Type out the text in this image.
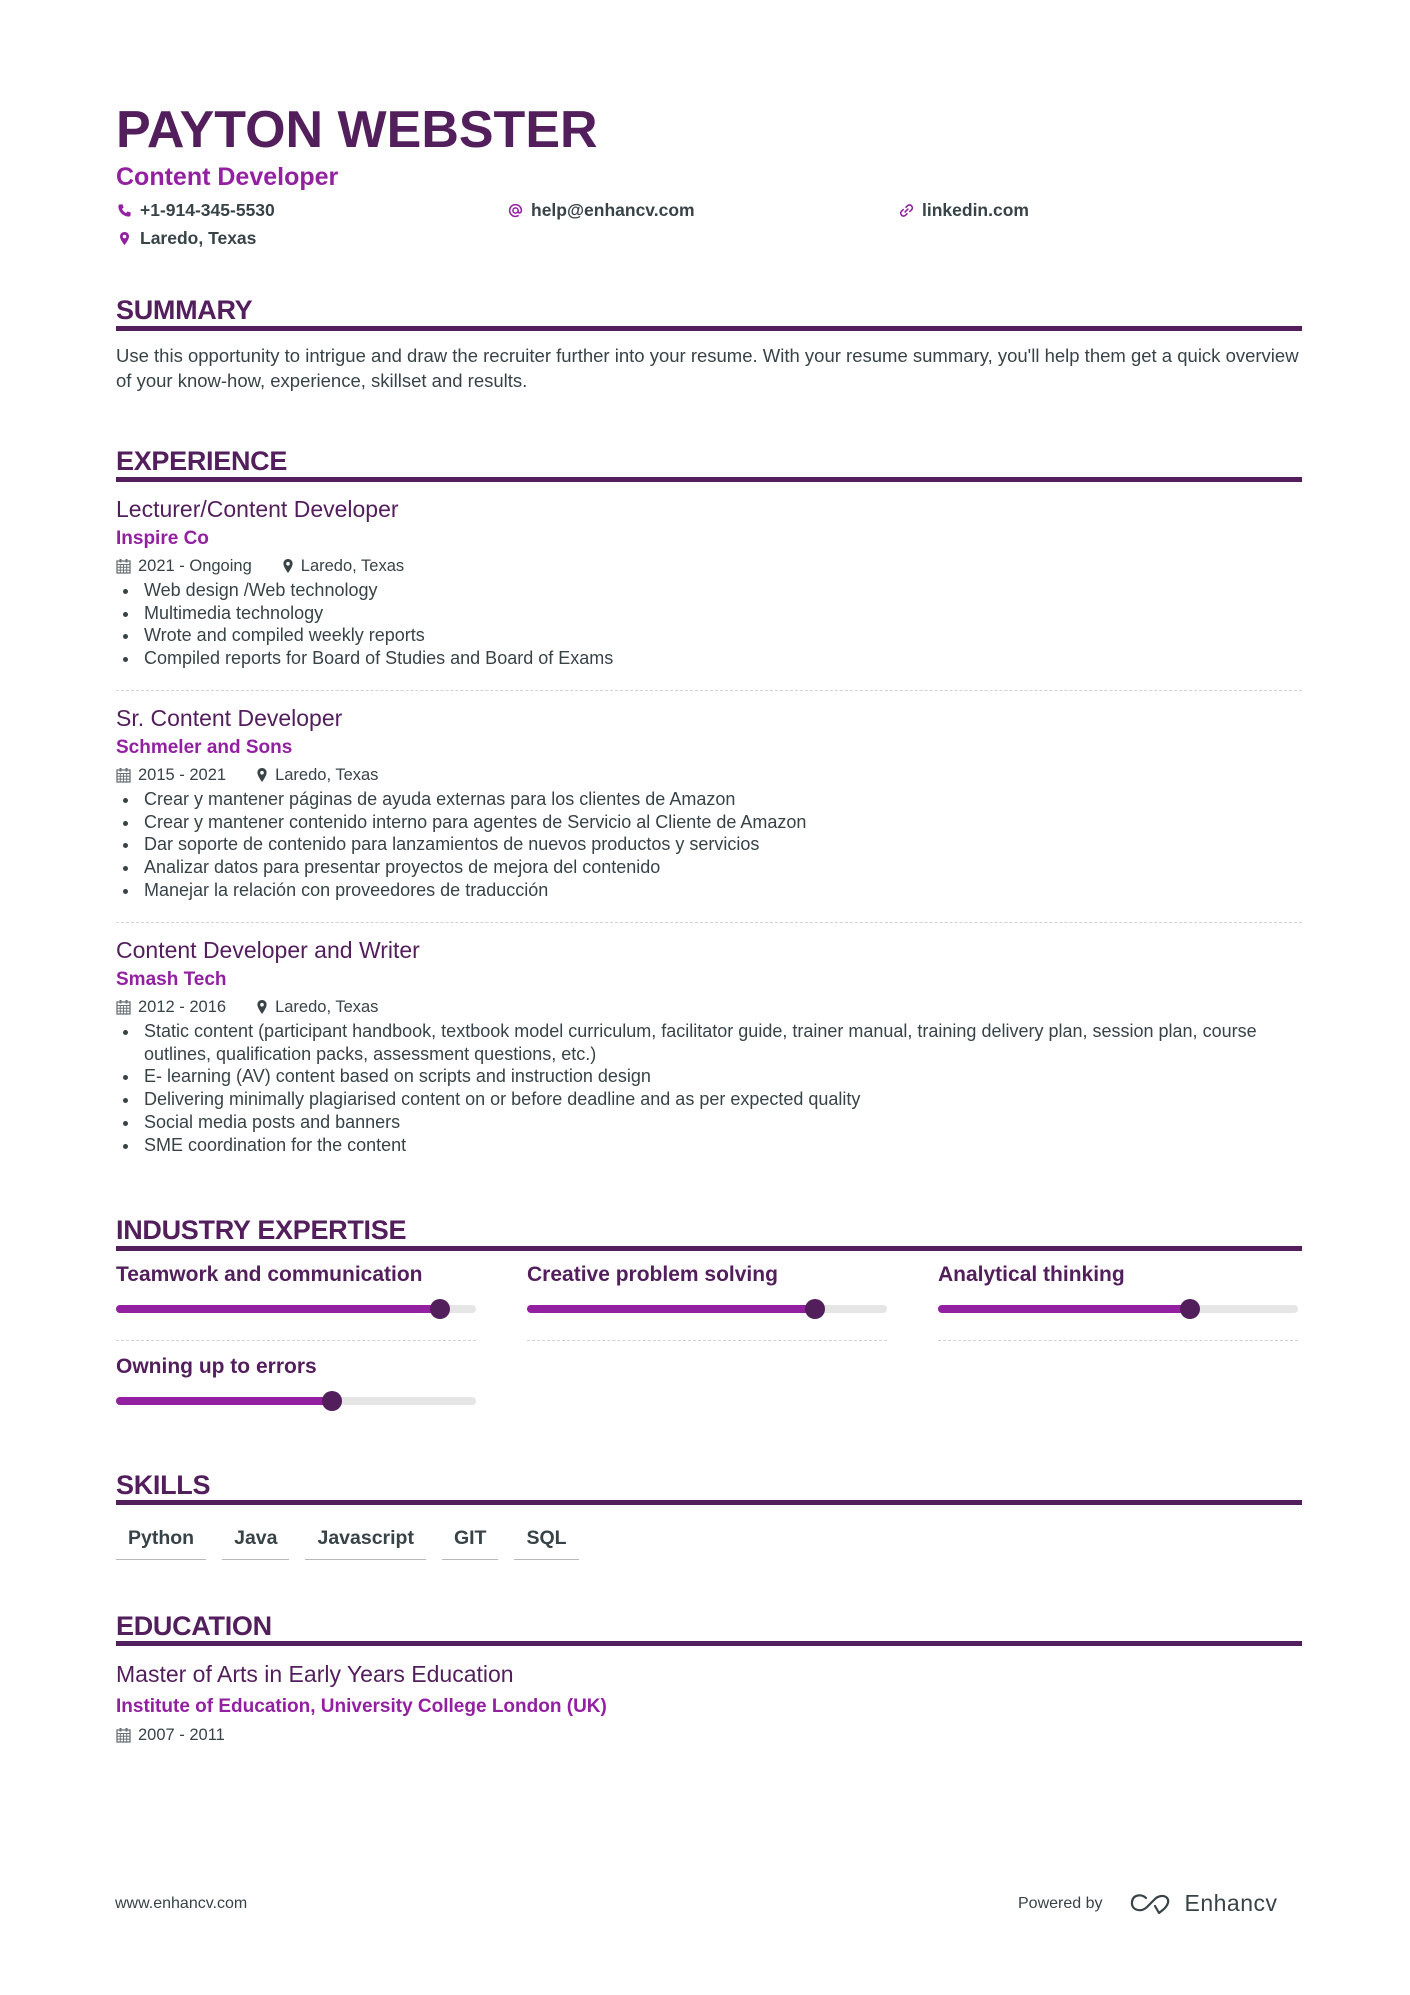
PAYTON WEBSTER
Content Developer
+1-914-345-5530	help@enhancv.com	linkedin.com
Laredo, Texas
SUMMARY
Use this opportunity to intrigue and draw the recruiter further into your resume. With your resume summary, you'll help them get a quick overview of your know-how, experience, skillset and results.
EXPERIENCE
Lecturer/Content Developer
Inspire Co
2021 - Ongoing	Laredo, Texas
Web design /Web technology
Multimedia technology
Wrote and compiled weekly reports
Compiled reports for Board of Studies and Board of Exams
Sr. Content Developer
Schmeler and Sons
2015 - 2021	Laredo, Texas
Crear y mantener páginas de ayuda externas para los clientes de Amazon
Crear y mantener contenido interno para agentes de Servicio al Cliente de Amazon
Dar soporte de contenido para lanzamientos de nuevos productos y servicios
Analizar datos para presentar proyectos de mejora del contenido
Manejar la relación con proveedores de traducción
Content Developer and Writer
Smash Tech
2012 - 2016	Laredo, Texas
Static content (participant handbook, textbook model curriculum, facilitator guide, trainer manual, training delivery plan, session plan, course outlines, qualification packs, assessment questions, etc.)
E- learning (AV) content based on scripts and instruction design
Delivering minimally plagiarised content on or before deadline and as per expected quality
Social media posts and banners
SME coordination for the content
INDUSTRY EXPERTISE
Teamwork and communication	Creative problem solving	Analytical thinking
Owning up to errors
SKILLS
Python	Java	Javascript	GIT	SQL
EDUCATION
Master of Arts in Early Years Education
Institute of Education, University College London (UK)
2007 - 2011
www.enhancv.com	Powered by	Enhancv
